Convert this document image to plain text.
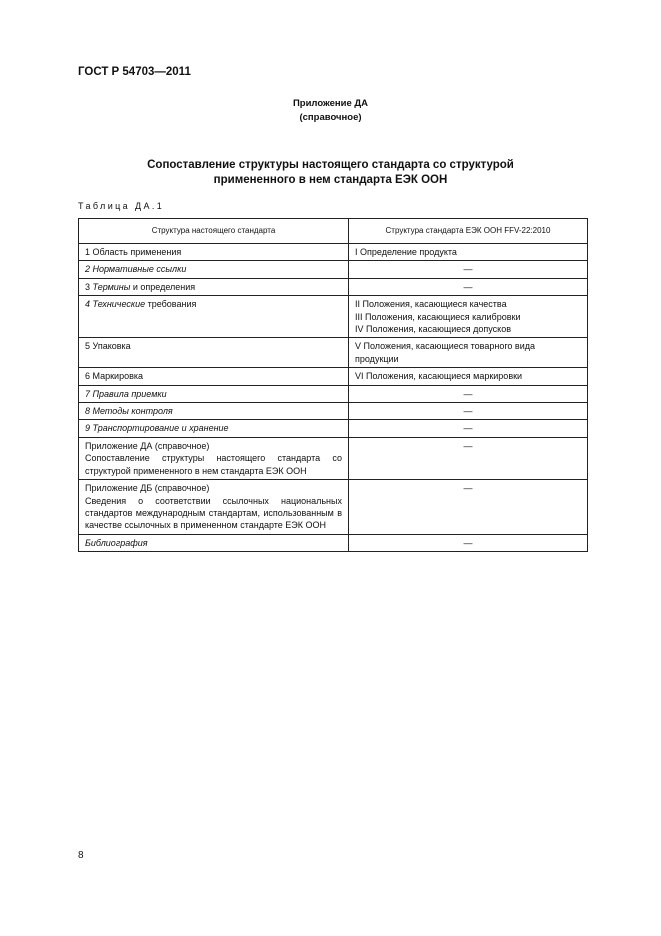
ГОСТ Р 54703—2011
Приложение ДА
(справочное)
Сопоставление структуры настоящего стандарта со структурой
примененного в нем стандарта ЕЭК ООН
Таблица ДА.1
Структура настоящего стандарта	Структура стандарта ЕЭК ООН FFV-22:2010
1 Область применения	I Определение продукта

2 Нормативные ссылки	—

3 Термины и определения	—

4 Технические требования	II Положения, касающиеся качества
III Положения, касающиеся калибровки
IV Положения, касающиеся допусков

5 Упаковка	V Положения, касающиеся товарного вида продукции

6 Маркировка	VI Положения, касающиеся маркировки

7 Правила приемки	—

8 Методы контроля	—

9 Транспортирование и хранение	—

Приложение ДА (справочное)

Сопоставление структуры настоящего стандарта со структурой примененного в нем стандарта ЕЭК ООН	—

Приложение ДБ (справочное)

Сведения о соответствии ссылочных национальных стандартов международным стандартам, использованным в качестве ссылочных в примененном стандарте ЕЭК ООН	—

Библиография	—
8
